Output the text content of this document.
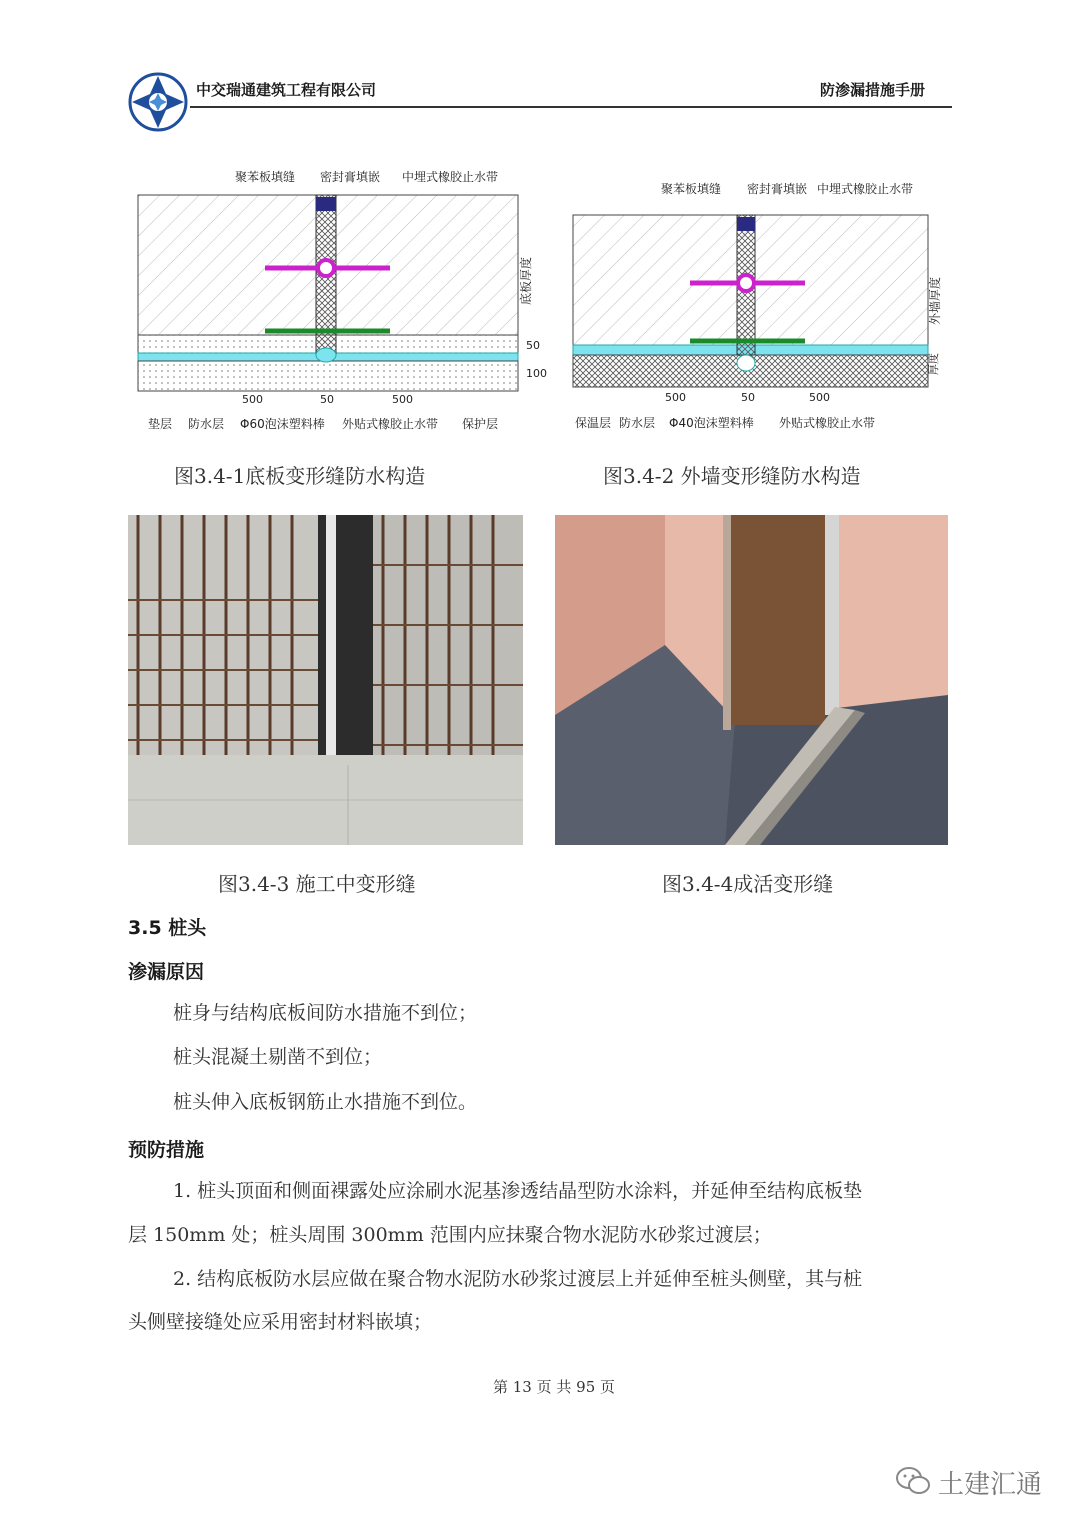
中交瑞通建筑工程有限公司	防渗漏措施手册
聚苯板填缝 密封膏填嵌 中埋式橡胶止水带
底板厚度
50
100
500	50	500
垫层 防水层 Φ60泡沫塑料棒 外贴式橡胶止水带 保护层
图3.4-1底板变形缝防水构造
聚苯板填缝 密封膏填嵌 中埋式橡胶止水带
外墙厚度
厚度
500	50	500
保温层 防水层 Φ40泡沫塑料棒 外贴式橡胶止水带
图3.4-2 外墙变形缝防水构造
图3.4-3 施工中变形缝	图3.4-4成活变形缝
3.5 桩头
渗漏原因
桩身与结构底板间防水措施不到位；
桩头混凝土剔凿不到位；
桩头伸入底板钢筋止水措施不到位。
预防措施
1. 桩头顶面和侧面裸露处应涂刷水泥基渗透结晶型防水涂料，并延伸至结构底板垫
层 150mm 处；桩头周围 300mm 范围内应抹聚合物水泥防水砂浆过渡层；
2. 结构底板防水层应做在聚合物水泥防水砂浆过渡层上并延伸至桩头侧壁，其与桩
头侧壁接缝处应采用密封材料嵌填；
第 13 页 共 95 页
土建汇通
